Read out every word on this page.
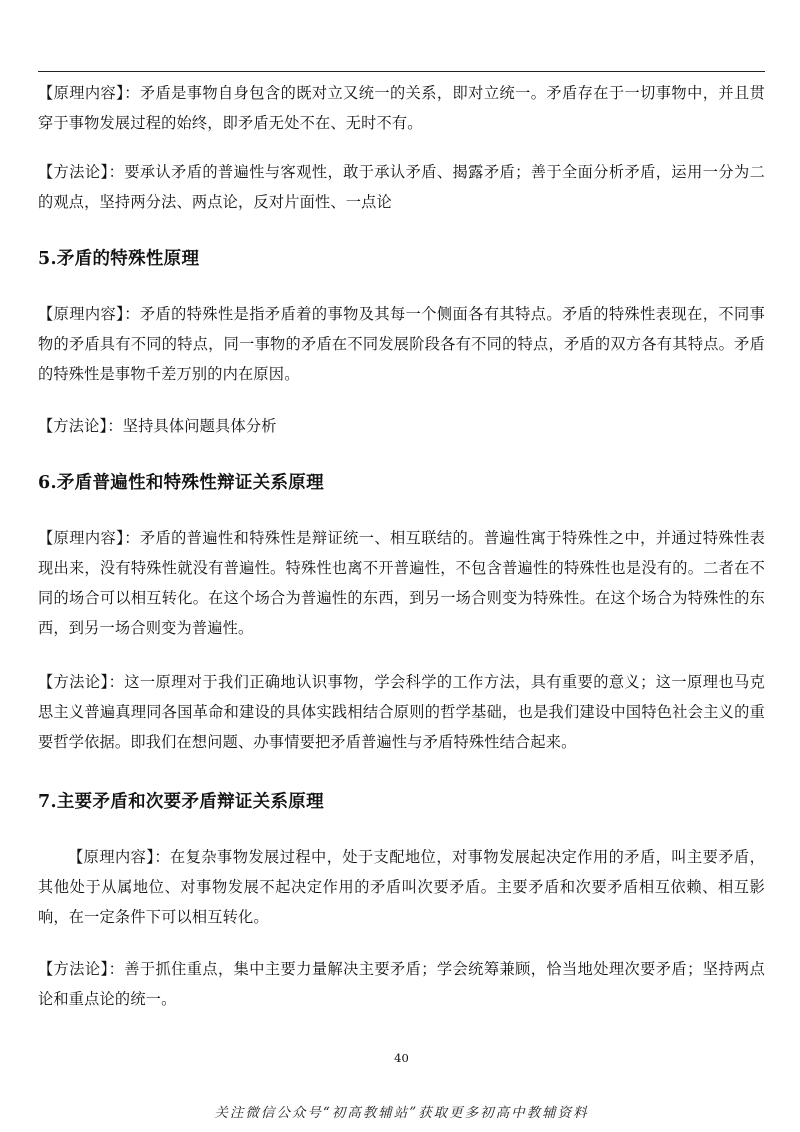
【原理内容】：矛盾是事物自身包含的既对立又统一的关系，即对立统一。矛盾存在于一切事物中，并且贯穿于事物发展过程的始终，即矛盾无处不在、无时不有。

【方法论】：要承认矛盾的普遍性与客观性，敢于承认矛盾、揭露矛盾；善于全面分析矛盾，运用一分为二的观点，坚持两分法、两点论，反对片面性、一点论

5.矛盾的特殊性原理

【原理内容】：矛盾的特殊性是指矛盾着的事物及其每一个侧面各有其特点。矛盾的特殊性表现在，不同事物的矛盾具有不同的特点，同一事物的矛盾在不同发展阶段各有不同的特点，矛盾的双方各有其特点。矛盾的特殊性是事物千差万别的内在原因。

【方法论】：坚持具体问题具体分析

6.矛盾普遍性和特殊性辩证关系原理

【原理内容】：矛盾的普遍性和特殊性是辩证统一、相互联结的。普遍性寓于特殊性之中，并通过特殊性表现出来，没有特殊性就没有普遍性。特殊性也离不开普遍性，不包含普遍性的特殊性也是没有的。二者在不同的场合可以相互转化。在这个场合为普遍性的东西，到另一场合则变为特殊性。在这个场合为特殊性的东西，到另一场合则变为普遍性。

【方法论】：这一原理对于我们正确地认识事物，学会科学的工作方法，具有重要的意义；这一原理也马克思主义普遍真理同各国革命和建设的具体实践相结合原则的哲学基础，也是我们建设中国特色社会主义的重要哲学依据。即我们在想问题、办事情要把矛盾普遍性与矛盾特殊性结合起来。

7.主要矛盾和次要矛盾辩证关系原理

【原理内容】：在复杂事物发展过程中，处于支配地位，对事物发展起决定作用的矛盾，叫主要矛盾，其他处于从属地位、对事物发展不起决定作用的矛盾叫次要矛盾。主要矛盾和次要矛盾相互依赖、相互影响，在一定条件下可以相互转化。

【方法论】：善于抓住重点，集中主要力量解决主要矛盾；学会统筹兼顾，恰当地处理次要矛盾；坚持两点论和重点论的统一。

40
关注微信公众号“初高教辅站”获取更多初高中教辅资料
